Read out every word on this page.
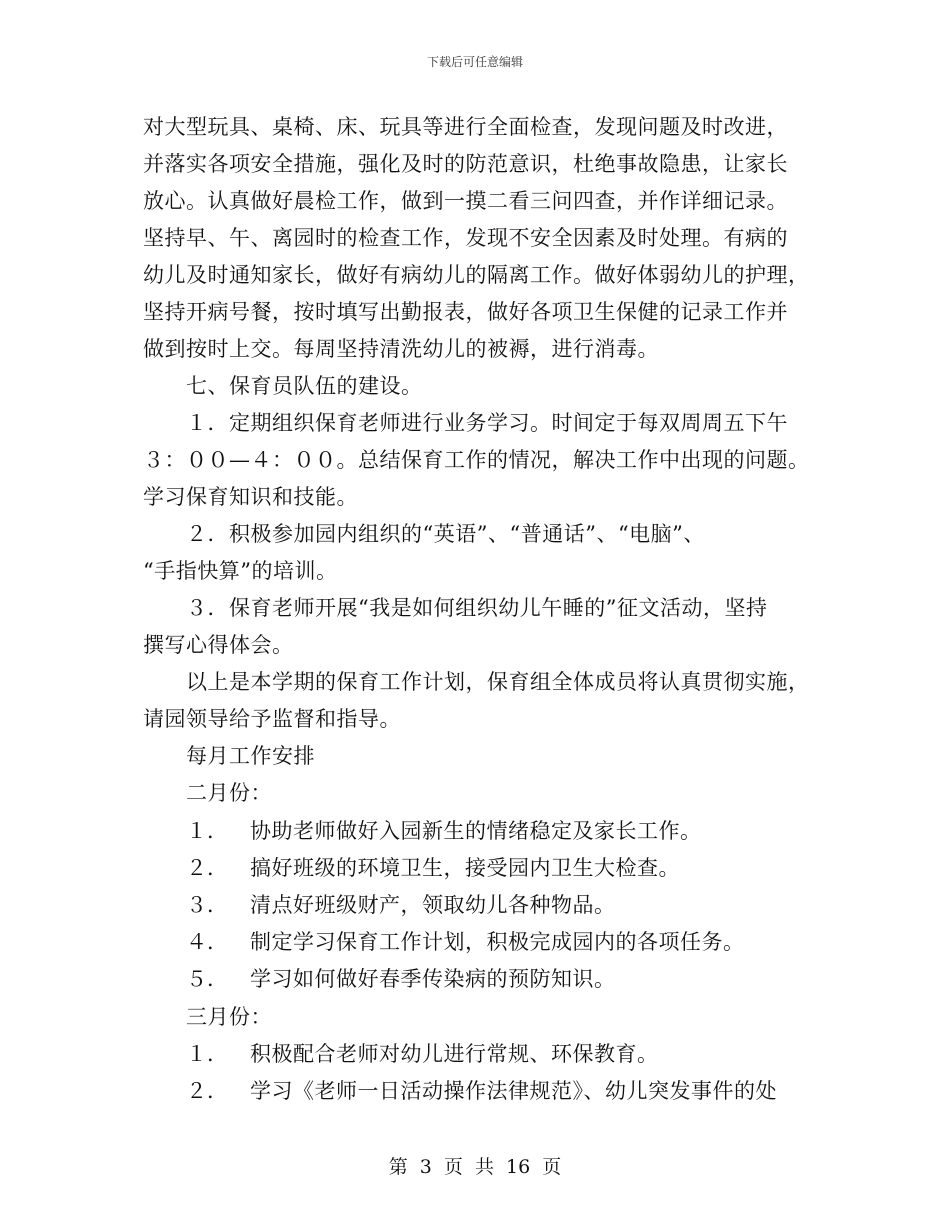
下载后可任意编辑
对大型玩具、桌椅、床、玩具等进行全面检查，发现问题及时改进，
并落实各项安全措施，强化及时的防范意识，杜绝事故隐患，让家长
放心。认真做好晨检工作，做到一摸二看三问四查，并作详细记录。
坚持早、午、离园时的检查工作，发现不安全因素及时处理。有病的
幼儿及时通知家长，做好有病幼儿的隔离工作。做好体弱幼儿的护理，
坚持开病号餐，按时填写出勤报表，做好各项卫生保健的记录工作并
做到按时上交。每周坚持清洗幼儿的被褥，进行消毒。
七、保育员队伍的建设。
１．定期组织保育老师进行业务学习。时间定于每双周周五下午
３：００—４：００。总结保育工作的情况，解决工作中出现的问题。
学习保育知识和技能。
２．积极参加园内组织的“英语”、“普通话”、“电脑”、
“手指快算”的培训。
３．保育老师开展“我是如何组织幼儿午睡的”征文活动，坚持
撰写心得体会。
以上是本学期的保育工作计划，保育组全体成员将认真贯彻实施，
请园领导给予监督和指导。
每月工作安排
二月份：
１． 协助老师做好入园新生的情绪稳定及家长工作。
２． 搞好班级的环境卫生，接受园内卫生大检查。
３． 清点好班级财产，领取幼儿各种物品。
４． 制定学习保育工作计划，积极完成园内的各项任务。
５． 学习如何做好春季传染病的预防知识。
三月份：
１． 积极配合老师对幼儿进行常规、环保教育。
２． 学习《老师一日活动操作法律规范》、幼儿突发事件的处
第 3 页 共 16 页
